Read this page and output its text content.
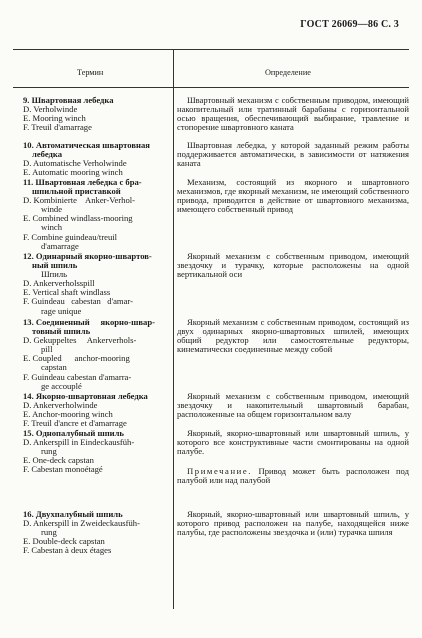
ГОСТ 26069—86 С. 3
Термин	Определение
9. Швартовная лебедка
D. Verholwinde
E. Mooring winch
F. Treuil d'amarrage
10. Автоматическая швартовная
лебедка
D. Automatische Verholwinde
E. Automatic mooring winch
11. Швартовная лебедка с бра-
шпильной приставкой
D. Kombinierte    Anker-Verhol-
winde
E. Combined windlass-mooring
winch
F. Combine guindeau/treuil
d'amarrage
12. Одинарный якорно-швартов-
ный шпиль
Шпиль
D. Ankerverholsspill
E. Vertical shaft windlass
F. Guindeau   cabestan   d'amar-
rage unique
13. Соединенный     якорно-швар-
товный шпиль
D. Gekuppeltes     Ankerverhols-
pill
E. Coupled      anchor-mooring
capstan
F. Guindeau cabestan d'amarra-
ge accouplé
14. Якорно-швартовная лебедка
D. Ankerverholwinde
E. Anchor-mooring winch
F. Treuil d'ancre et d'amarrage
15. Однопалубный шпиль
D. Ankerspill in Eindeckausfüh-
rung
E. One-deck capstan
F. Cabestan monoétagé
16. Двухпалубный шпиль
D. Ankerspill in Zweideckausfüh-
rung
E. Double-deck capstan
F. Cabestan à deux étages
Швартовный механизм с собственным приводом, имеющий накопительный или тратинный барабаны с горизонтальной осью вращения, обеспечивающий выбирание, травление и стопорение швартовного каната
Швартовная лебедка, у которой заданный режим работы поддерживается автоматически, в зависимости от натяжения каната
Механизм, состоящий из якорного и швартовного механизмов, где якорный механизм, не имеющий собственного привода, приводится в действие от швартовного механизма, имеющего собственный привод
Якорный механизм с собственным приводом, имеющий звездочку и турачку, которые расположены на одной вертикальной оси
Якорный механизм с собственным приводом, состоящий из двух одинарных якорно-швартовных шпилей, имеющих общий редуктор или самостоятельные редукторы, кинематически соединенные между собой
Якорный механизм с собственным приводом, имеющий звездочку и накопительный швартовный барабан, расположенные на общем горизонтальном валу
Якорный, якорно-швартовный или швартовный шпиль, у которого все конструктивные части смонтированы на одной палубе.
Примечание. Привод может быть расположен под палубой или над палубой
Якорный, якорно-швартовный или швартовный шпиль, у которого привод расположен на палубе, находящейся ниже палубы, где расположены звездочка и (или) турачка шпиля
